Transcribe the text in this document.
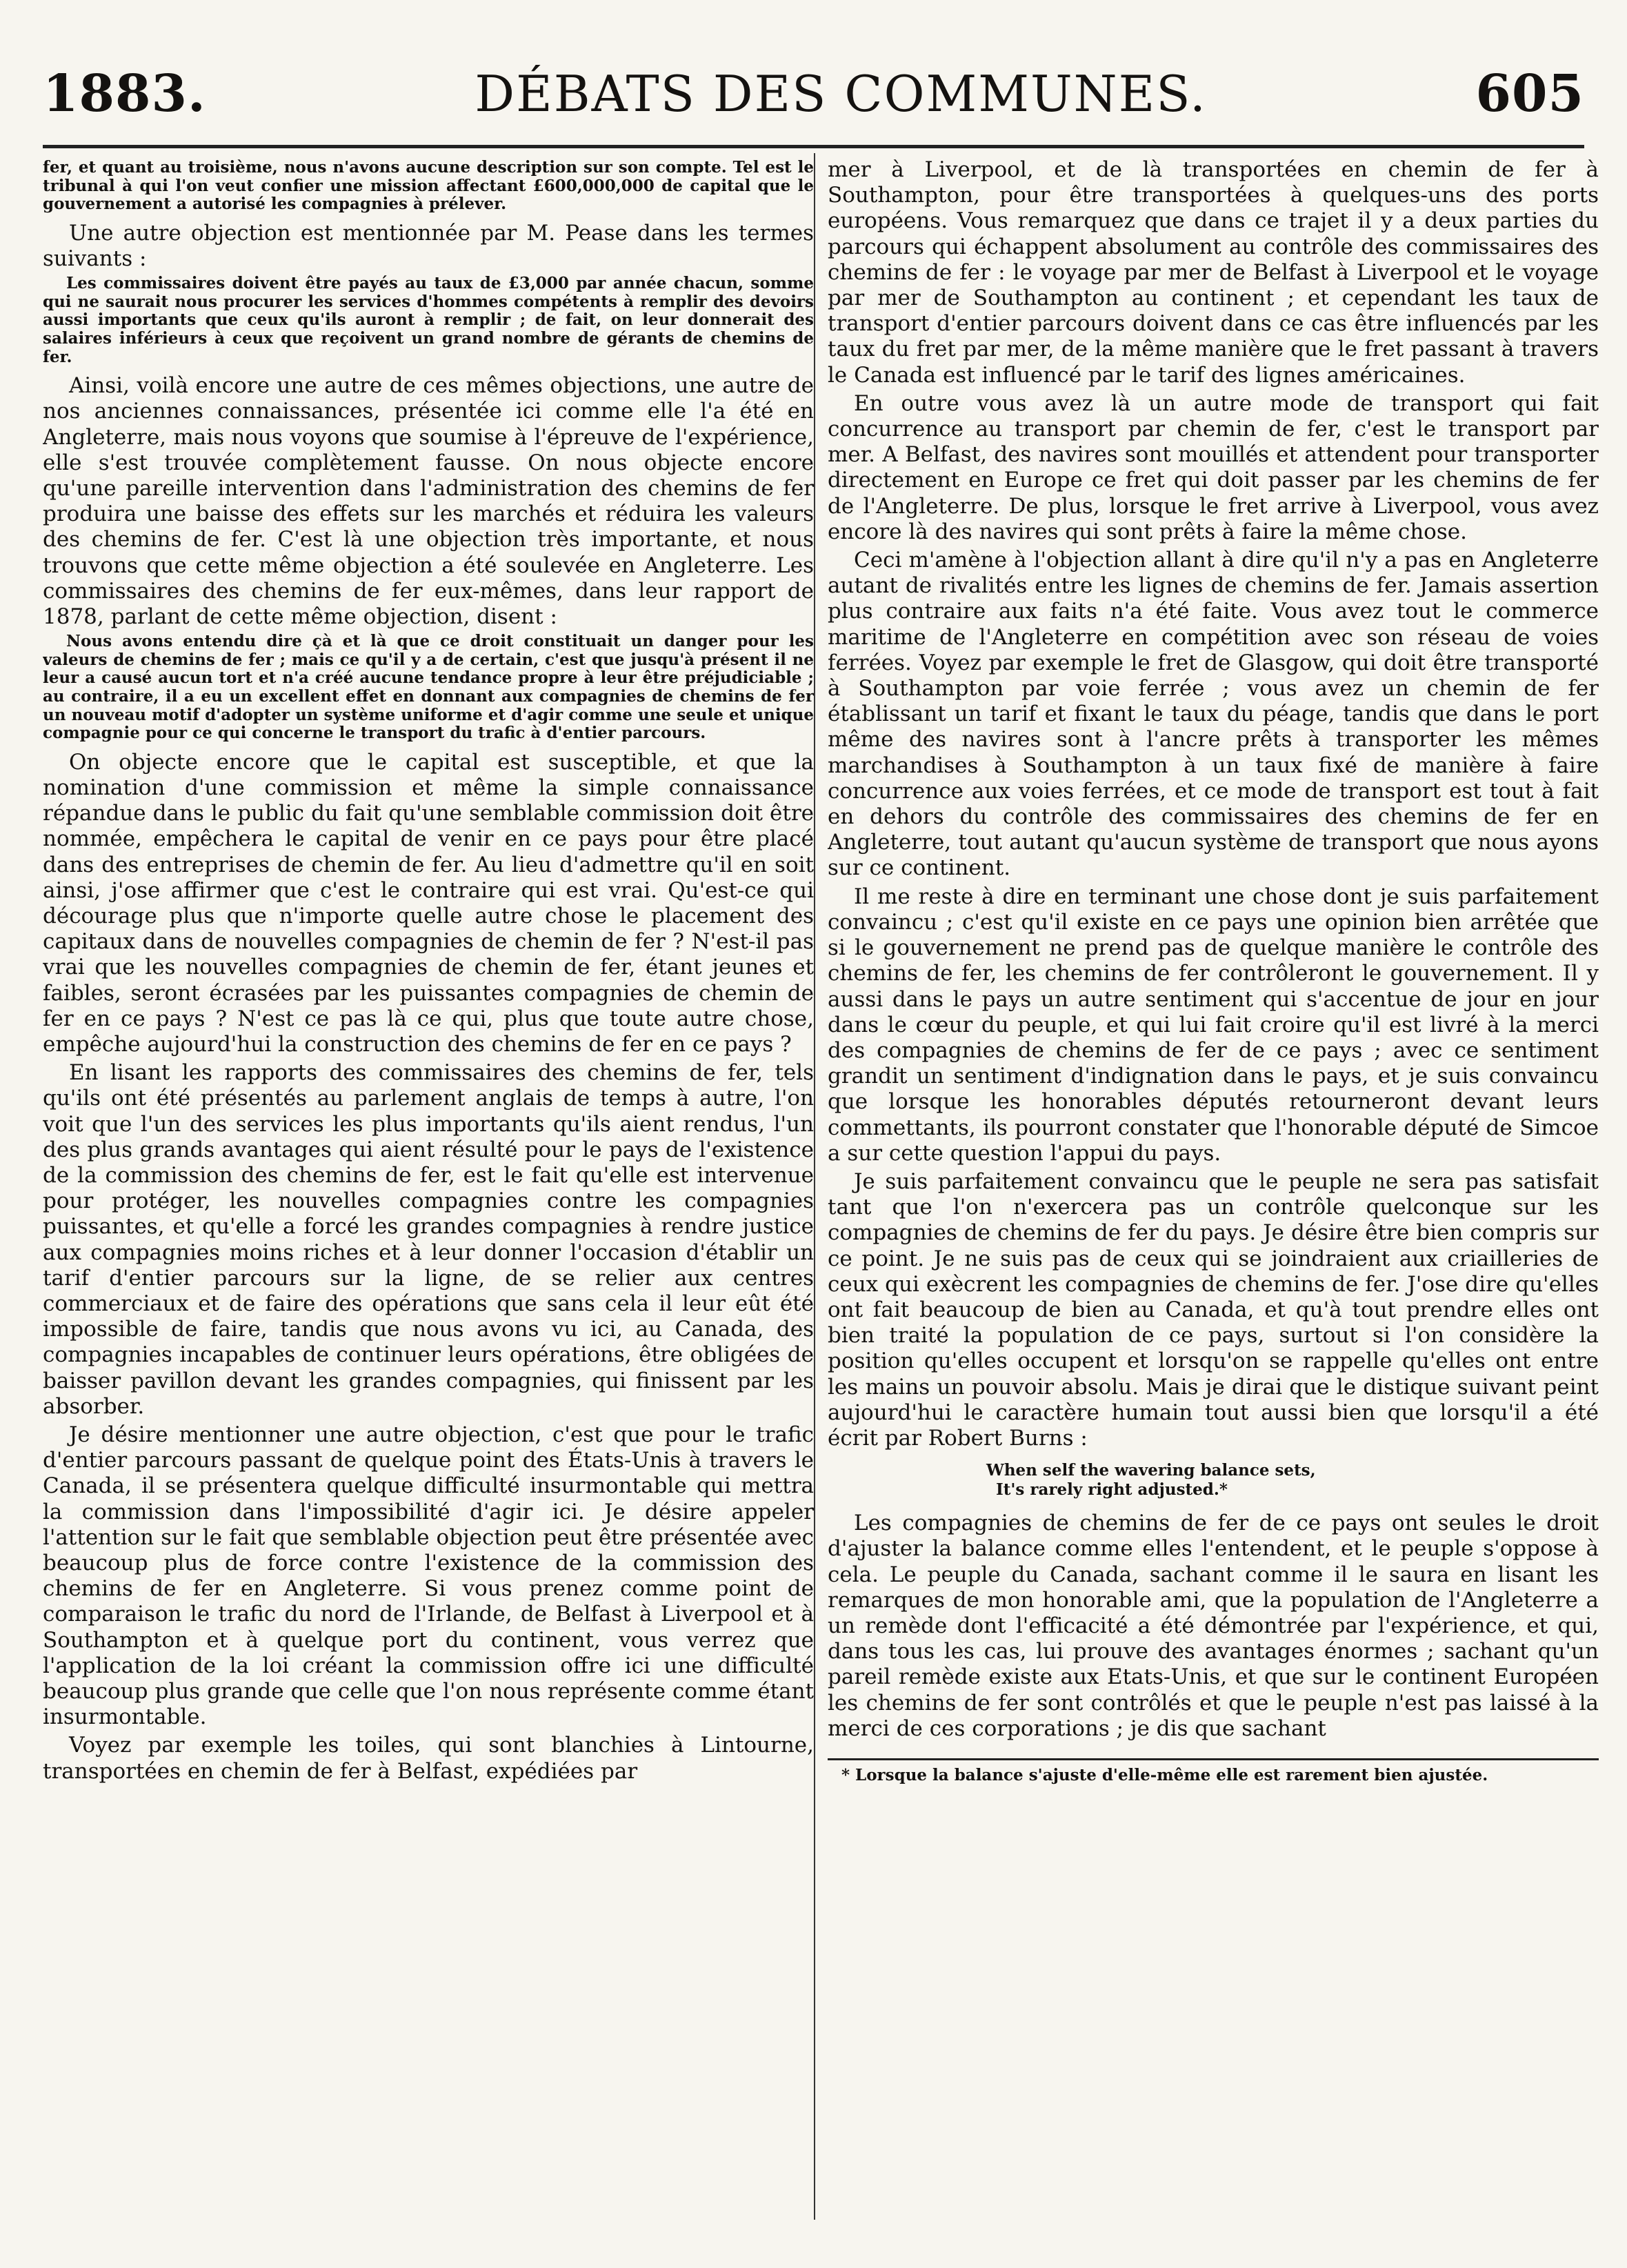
1883.	DÉBATS DES COMMUNES.	605

fer, et quant au troisième, nous n'avons aucune description sur son compte. Tel est le tribunal à qui l'on veut confier une mission affectant £600,000,000 de capital que le gouvernement a autorisé les compagnies à prélever.

Une autre objection est mentionnée par M. Pease dans les termes suivants :

Les commissaires doivent être payés au taux de £3,000 par année chacun, somme qui ne saurait nous procurer les services d'hommes compétents à remplir des devoirs aussi importants que ceux qu'ils auront à remplir ; de fait, on leur donnerait des salaires inférieurs à ceux que reçoivent un grand nombre de gérants de chemins de fer.

Ainsi, voilà encore une autre de ces mêmes objections, une autre de nos anciennes connaissances, présentée ici comme elle l'a été en Angleterre, mais nous voyons que soumise à l'épreuve de l'expérience, elle s'est trouvée complètement fausse. On nous objecte encore qu'une pareille intervention dans l'administration des chemins de fer produira une baisse des effets sur les marchés et réduira les valeurs des chemins de fer. C'est là une objection très importante, et nous trouvons que cette même objection a été soulevée en Angleterre. Les commissaires des chemins de fer eux-mêmes, dans leur rapport de 1878, parlant de cette même objection, disent :

Nous avons entendu dire çà et là que ce droit constituait un danger pour les valeurs de chemins de fer ; mais ce qu'il y a de certain, c'est que jusqu'à présent il ne leur a causé aucun tort et n'a créé aucune tendance propre à leur être préjudiciable ; au contraire, il a eu un excellent effet en donnant aux compagnies de chemins de fer un nouveau motif d'adopter un système uniforme et d'agir comme une seule et unique compagnie pour ce qui concerne le transport du trafic à d'entier parcours.

On objecte encore que le capital est susceptible, et que la nomination d'une commission et même la simple connaissance répandue dans le public du fait qu'une semblable commission doit être nommée, empêchera le capital de venir en ce pays pour être placé dans des entreprises de chemin de fer. Au lieu d'admettre qu'il en soit ainsi, j'ose affirmer que c'est le contraire qui est vrai. Qu'est-ce qui décourage plus que n'importe quelle autre chose le placement des capitaux dans de nouvelles compagnies de chemin de fer ? N'est-il pas vrai que les nouvelles compagnies de chemin de fer, étant jeunes et faibles, seront écrasées par les puissantes compagnies de chemin de fer en ce pays ? N'est ce pas là ce qui, plus que toute autre chose, empêche aujourd'hui la construction des chemins de fer en ce pays ?

En lisant les rapports des commissaires des chemins de fer, tels qu'ils ont été présentés au parlement anglais de temps à autre, l'on voit que l'un des services les plus importants qu'ils aient rendus, l'un des plus grands avantages qui aient résulté pour le pays de l'existence de la commission des chemins de fer, est le fait qu'elle est intervenue pour protéger, les nouvelles compagnies contre les compagnies puissantes, et qu'elle a forcé les grandes compagnies à rendre justice aux compagnies moins riches et à leur donner l'occasion d'établir un tarif d'entier parcours sur la ligne, de se relier aux centres commerciaux et de faire des opérations que sans cela il leur eût été impossible de faire, tandis que nous avons vu ici, au Canada, des compagnies incapables de continuer leurs opérations, être obligées de baisser pavillon devant les grandes compagnies, qui finissent par les absorber.

Je désire mentionner une autre objection, c'est que pour le trafic d'entier parcours passant de quelque point des États-Unis à travers le Canada, il se présentera quelque difficulté insurmontable qui mettra la commission dans l'impossibilité d'agir ici. Je désire appeler l'attention sur le fait que semblable objection peut être présentée avec beaucoup plus de force contre l'existence de la commission des chemins de fer en Angleterre. Si vous prenez comme point de comparaison le trafic du nord de l'Irlande, de Belfast à Liverpool et à Southampton et à quelque port du continent, vous verrez que l'application de la loi créant la commission offre ici une difficulté beaucoup plus grande que celle que l'on nous représente comme étant insurmontable.

Voyez par exemple les toiles, qui sont blanchies à Lintourne, transportées en chemin de fer à Belfast, expédiées par

mer à Liverpool, et de là transportées en chemin de fer à Southampton, pour être transportées à quelques-uns des ports européens. Vous remarquez que dans ce trajet il y a deux parties du parcours qui échappent absolument au contrôle des commissaires des chemins de fer : le voyage par mer de Belfast à Liverpool et le voyage par mer de Southampton au continent ; et cependant les taux de transport d'entier parcours doivent dans ce cas être influencés par les taux du fret par mer, de la même manière que le fret passant à travers le Canada est influencé par le tarif des lignes américaines.

En outre vous avez là un autre mode de transport qui fait concurrence au transport par chemin de fer, c'est le transport par mer. A Belfast, des navires sont mouillés et attendent pour transporter directement en Europe ce fret qui doit passer par les chemins de fer de l'Angleterre. De plus, lorsque le fret arrive à Liverpool, vous avez encore là des navires qui sont prêts à faire la même chose.

Ceci m'amène à l'objection allant à dire qu'il n'y a pas en Angleterre autant de rivalités entre les lignes de chemins de fer. Jamais assertion plus contraire aux faits n'a été faite. Vous avez tout le commerce maritime de l'Angleterre en compétition avec son réseau de voies ferrées. Voyez par exemple le fret de Glasgow, qui doit être transporté à Southampton par voie ferrée ; vous avez un chemin de fer établissant un tarif et fixant le taux du péage, tandis que dans le port même des navires sont à l'ancre prêts à transporter les mêmes marchandises à Southampton à un taux fixé de manière à faire concurrence aux voies ferrées, et ce mode de transport est tout à fait en dehors du contrôle des commissaires des chemins de fer en Angleterre, tout autant qu'aucun système de transport que nous ayons sur ce continent.

Il me reste à dire en terminant une chose dont je suis parfaitement convaincu ; c'est qu'il existe en ce pays une opinion bien arrêtée que si le gouvernement ne prend pas de quelque manière le contrôle des chemins de fer, les chemins de fer contrôleront le gouvernement. Il y aussi dans le pays un autre sentiment qui s'accentue de jour en jour dans le cœur du peuple, et qui lui fait croire qu'il est livré à la merci des compagnies de chemins de fer de ce pays ; avec ce sentiment grandit un sentiment d'indignation dans le pays, et je suis convaincu que lorsque les honorables députés retourneront devant leurs commettants, ils pourront constater que l'honorable député de Simcoe a sur cette question l'appui du pays.

Je suis parfaitement convaincu que le peuple ne sera pas satisfait tant que l'on n'exercera pas un contrôle quelconque sur les compagnies de chemins de fer du pays. Je désire être bien compris sur ce point. Je ne suis pas de ceux qui se joindraient aux criailleries de ceux qui exècrent les compagnies de chemins de fer. J'ose dire qu'elles ont fait beaucoup de bien au Canada, et qu'à tout prendre elles ont bien traité la population de ce pays, surtout si l'on considère la position qu'elles occupent et lorsqu'on se rappelle qu'elles ont entre les mains un pouvoir absolu. Mais je dirai que le distique suivant peint aujourd'hui le caractère humain tout aussi bien que lorsqu'il a été écrit par Robert Burns :

When self the wavering balance sets,
It's rarely right adjusted.*

Les compagnies de chemins de fer de ce pays ont seules le droit d'ajuster la balance comme elles l'entendent, et le peuple s'oppose à cela. Le peuple du Canada, sachant comme il le saura en lisant les remarques de mon honorable ami, que la population de l'Angleterre a un remède dont l'efficacité a été démontrée par l'expérience, et qui, dans tous les cas, lui prouve des avantages énormes ; sachant qu'un pareil remède existe aux Etats-Unis, et que sur le continent Européen les chemins de fer sont contrôlés et que le peuple n'est pas laissé à la merci de ces corporations ; je dis que sachant

* Lorsque la balance s'ajuste d'elle-même elle est rarement bien ajustée.
